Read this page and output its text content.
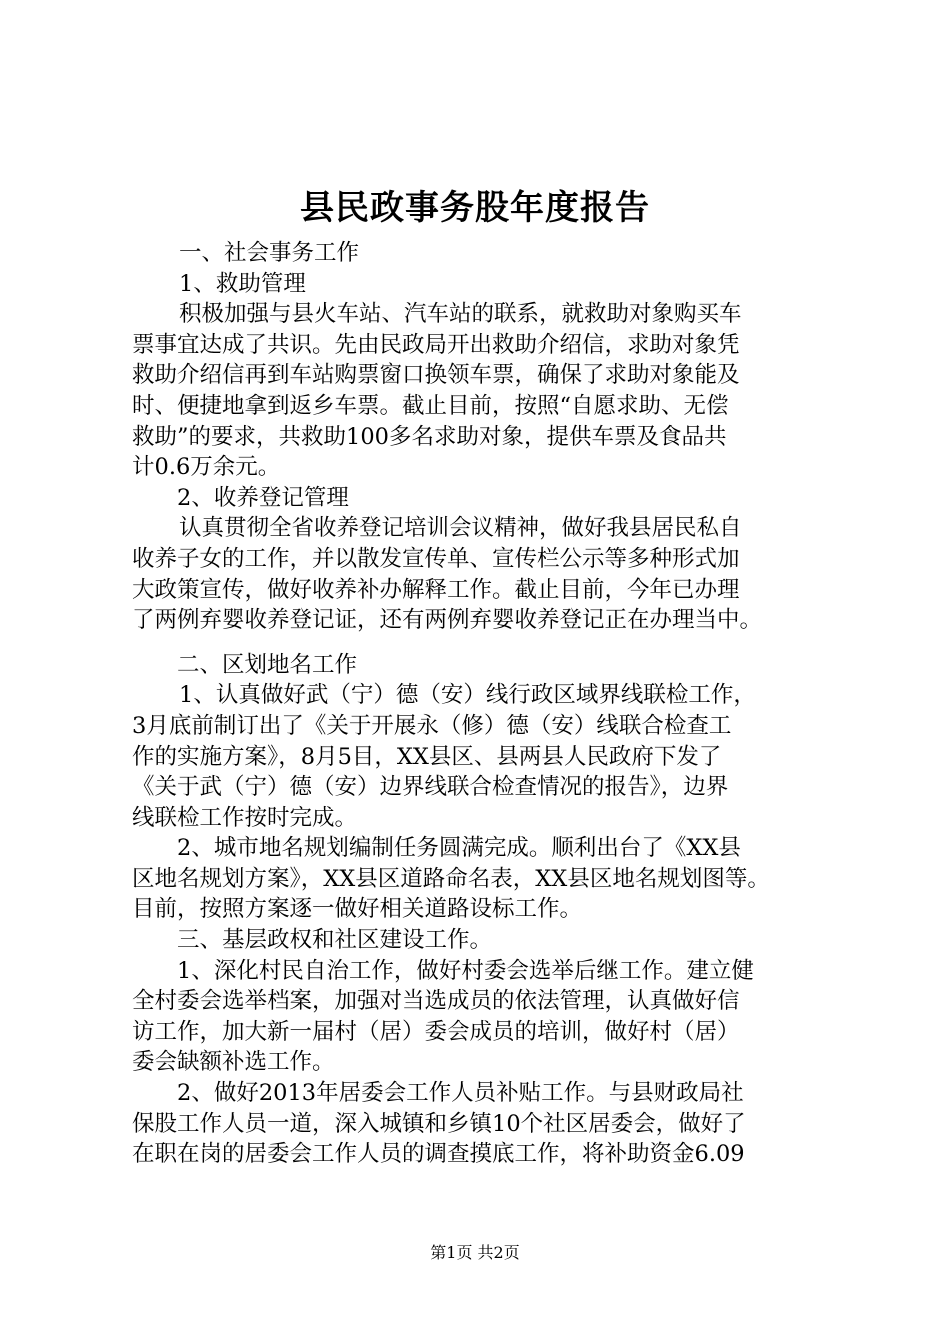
县民政事务股年度报告
一、社会事务工作
1、救助管理
积极加强与县火车站、汽车站的联系，就救助对象购买车
票事宜达成了共识。先由民政局开出救助介绍信，求助对象凭
救助介绍信再到车站购票窗口换领车票，确保了求助对象能及
时、便捷地拿到返乡车票。截止目前，按照“自愿求助、无偿
救助”的要求，共救助100多名求助对象，提供车票及食品共
计0.6万余元。
2、收养登记管理
认真贯彻全省收养登记培训会议精神，做好我县居民私自
收养子女的工作，并以散发宣传单、宣传栏公示等多种形式加
大政策宣传，做好收养补办解释工作。截止目前，今年已办理
了两例弃婴收养登记证，还有两例弃婴收养登记正在办理当中。
二、区划地名工作
1、认真做好武（宁）德（安）线行政区域界线联检工作，
3月底前制订出了《关于开展永（修）德（安）线联合检查工
作的实施方案》，8月5目，XX县区、县两县人民政府下发了
《关于武（宁）德（安）边界线联合检查情况的报告》，边界
线联检工作按时完成。
2、城市地名规划编制任务圆满完成。顺利出台了《XX县
区地名规划方案》，XX县区道路命名表，XX县区地名规划图等。
目前，按照方案逐一做好相关道路设标工作。
三、基层政权和社区建设工作。
1、深化村民自治工作，做好村委会选举后继工作。建立健
全村委会选举档案，加强对当选成员的依法管理，认真做好信
访工作，加大新一届村（居）委会成员的培训，做好村（居）
委会缺额补选工作。
2、做好2013年居委会工作人员补贴工作。与县财政局社
保股工作人员一道，深入城镇和乡镇10个社区居委会，做好了
在职在岗的居委会工作人员的调查摸底工作，将补助资金6.09
第1页 共2页
